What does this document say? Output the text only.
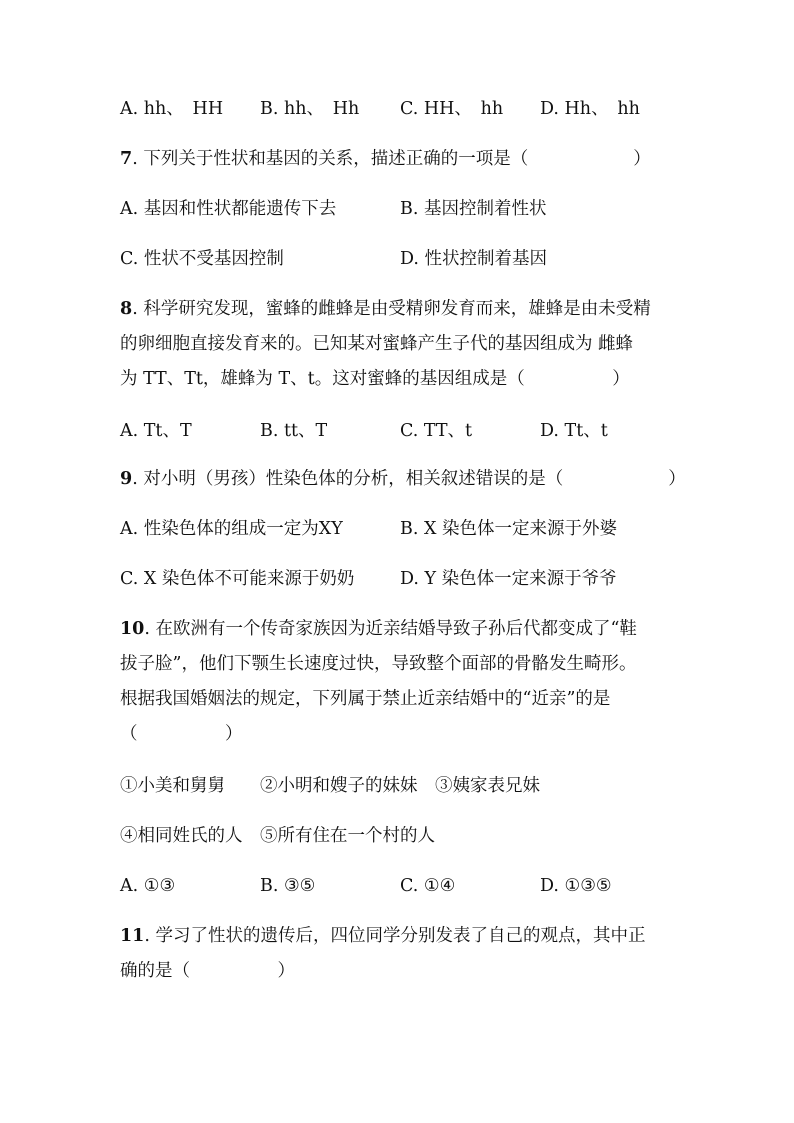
A. hh、　HH B. hh、　Hh C. HH、　hh D. Hh、　hh
7. 下列关于性状和基因的关系，描述正确的一项是（　　　　　　）
A. 基因和性状都能遗传下去	B. 基因控制着性状
C. 性状不受基因控制	D. 性状控制着基因
8. 科学研究发现，蜜蜂的雌蜂是由受精卵发育而来，雄蜂是由未受精
的卵细胞直接发育来的。已知某对蜜蜂产生子代的基因组成为 雌蜂
为 TT、Tt，雄蜂为 T、t。这对蜜蜂的基因组成是（　　　　　）
A. Tt、T	B. tt、T	C. TT、t	D. Tt、t
9. 对小明（男孩）性染色体的分析，相关叙述错误的是（　　　　　　）
A. 性染色体的组成一定为XY	B. X 染色体一定来源于外婆
C. X 染色体不可能来源于奶奶	D. Y 染色体一定来源于爷爷
10. 在欧洲有一个传奇家族因为近亲结婚导致子孙后代都变成了“鞋
拔子脸”，他们下颚生长速度过快，导致整个面部的骨骼发生畸形。
根据我国婚姻法的规定，下列属于禁止近亲结婚中的“近亲”的是
（　　　　　）
①小美和舅舅　　②小明和嫂子的妹妹　③姨家表兄妹
④相同姓氏的人　⑤所有住在一个村的人
A. ①③	B. ③⑤	C. ①④	D. ①③⑤
11. 学习了性状的遗传后，四位同学分别发表了自己的观点，其中正
确的是（　　　　　）
